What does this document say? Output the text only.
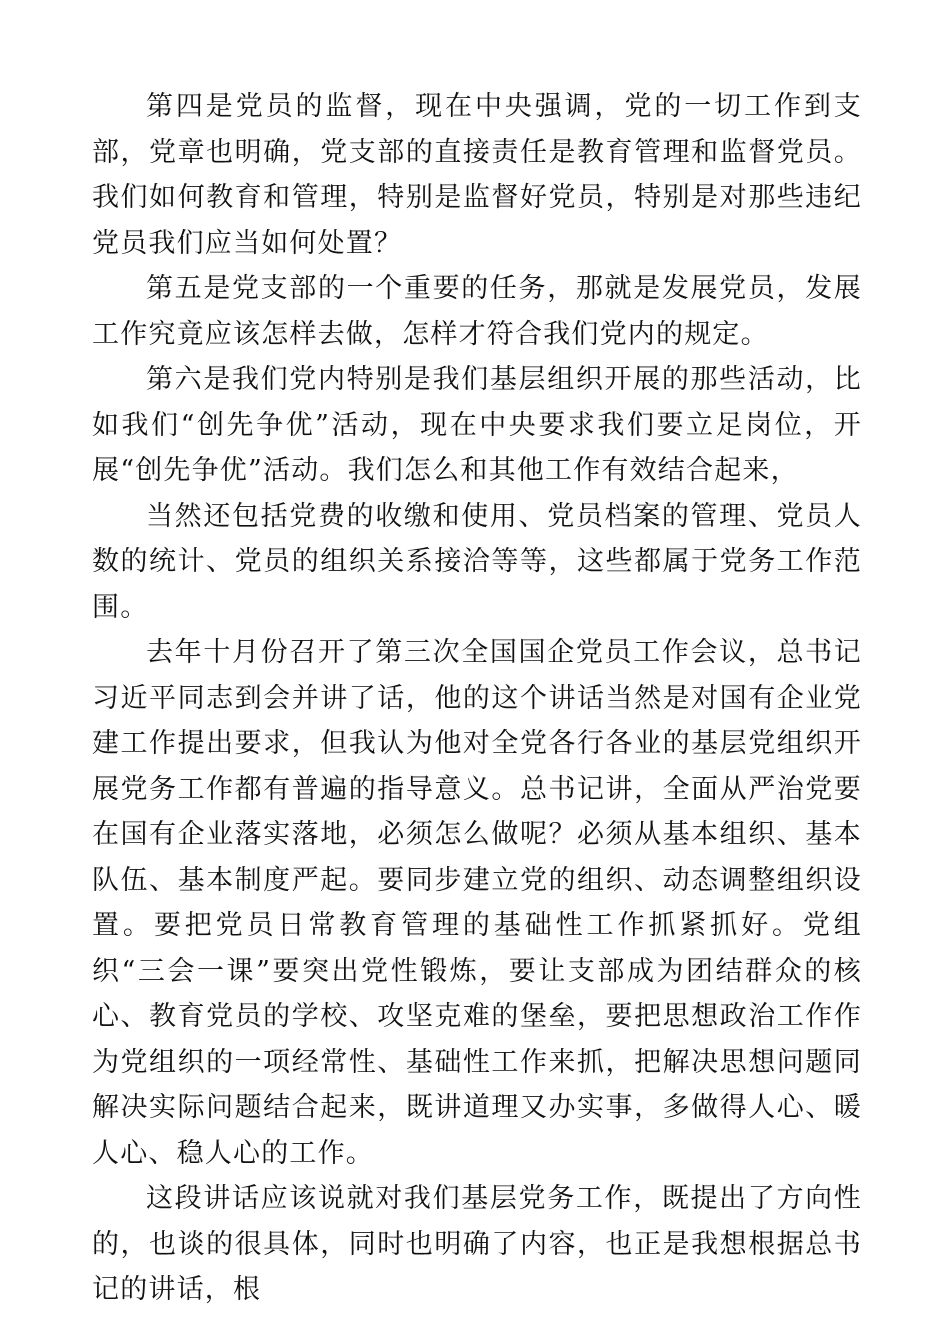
第四是党员的监督，现在中央强调，党的一切工作到支部，党章也明确，党支部的直接责任是教育管理和监督党员。我们如何教育和管理，特别是监督好党员，特别是对那些违纪党员我们应当如何处置？

第五是党支部的一个重要的任务，那就是发展党员，发展工作究竟应该怎样去做，怎样才符合我们党内的规定。

第六是我们党内特别是我们基层组织开展的那些活动，比如我们“创先争优”活动，现在中央要求我们要立足岗位，开展“创先争优”活动。我们怎么和其他工作有效结合起来，

当然还包括党费的收缴和使用、党员档案的管理、党员人数的统计、党员的组织关系接洽等等，这些都属于党务工作范围。

去年十月份召开了第三次全国国企党员工作会议，总书记习近平同志到会并讲了话，他的这个讲话当然是对国有企业党建工作提出要求，但我认为他对全党各行各业的基层党组织开展党务工作都有普遍的指导意义。总书记讲，全面从严治党要在国有企业落实落地，必须怎么做呢？必须从基本组织、基本队伍、基本制度严起。要同步建立党的组织、动态调整组织设置。要把党员日常教育管理的基础性工作抓紧抓好。党组织“三会一课”要突出党性锻炼，要让支部成为团结群众的核心、教育党员的学校、攻坚克难的堡垒，要把思想政治工作作为党组织的一项经常性、基础性工作来抓，把解决思想问题同解决实际问题结合起来，既讲道理又办实事，多做得人心、暖人心、稳人心的工作。

这段讲话应该说就对我们基层党务工作，既提出了方向性的，也谈的很具体，同时也明确了内容，也正是我想根据总书记的讲话，根
